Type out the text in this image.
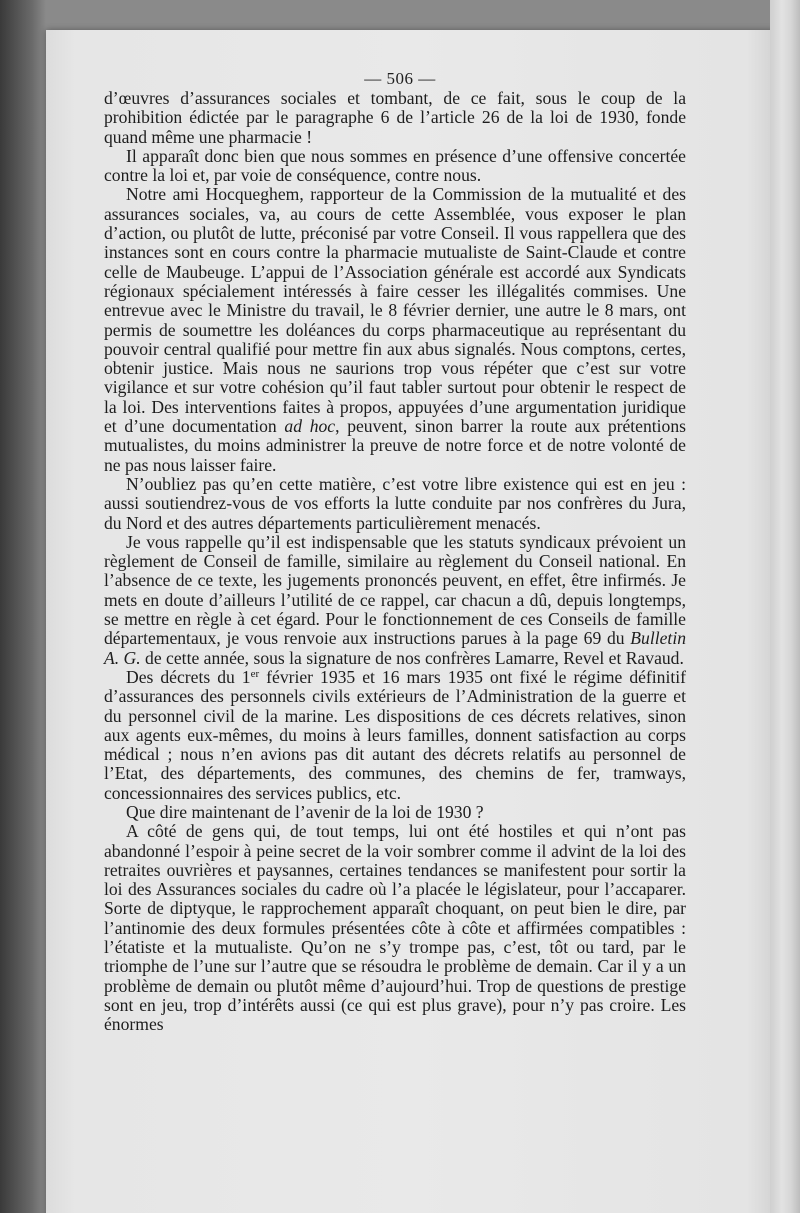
— 506 —

d’œuvres d’assurances sociales et tombant, de ce fait, sous le coup de la prohibition édictée par le paragraphe 6 de l’article 26 de la loi de 1930, fonde quand même une pharmacie !

Il apparaît donc bien que nous sommes en présence d’une offensive concertée contre la loi et, par voie de conséquence, contre nous.

Notre ami Hocqueghem, rapporteur de la Commission de la mutualité et des assurances sociales, va, au cours de cette Assemblée, vous exposer le plan d’action, ou plutôt de lutte, préconisé par votre Conseil. Il vous rappellera que des instances sont en cours contre la pharmacie mutualiste de Saint-Claude et contre celle de Maubeuge. L’appui de l’Association générale est accordé aux Syndicats régionaux spécialement intéressés à faire cesser les illégalités commises. Une entrevue avec le Ministre du travail, le 8 février dernier, une autre le 8 mars, ont permis de soumettre les doléances du corps pharmaceutique au représentant du pouvoir central qualifié pour mettre fin aux abus signalés. Nous comptons, certes, obtenir justice. Mais nous ne saurions trop vous répéter que c’est sur votre vigilance et sur votre cohésion qu’il faut tabler surtout pour obtenir le respect de la loi. Des interventions faites à propos, appuyées d’une argumentation juridique et d’une documentation ad hoc, peuvent, sinon barrer la route aux prétentions mutualistes, du moins administrer la preuve de notre force et de notre volonté de ne pas nous laisser faire.

N’oubliez pas qu’en cette matière, c’est votre libre existence qui est en jeu : aussi soutiendrez-vous de vos efforts la lutte conduite par nos confrères du Jura, du Nord et des autres départements particulièrement menacés.

Je vous rappelle qu’il est indispensable que les statuts syndicaux prévoient un règlement de Conseil de famille, similaire au règlement du Conseil national. En l’absence de ce texte, les jugements prononcés peuvent, en effet, être infirmés. Je mets en doute d’ailleurs l’utilité de ce rappel, car chacun a dû, depuis longtemps, se mettre en règle à cet égard. Pour le fonctionnement de ces Conseils de famille départementaux, je vous renvoie aux instructions parues à la page 69 du Bulletin A. G. de cette année, sous la signature de nos confrères Lamarre, Revel et Ravaud.

Des décrets du 1er février 1935 et 16 mars 1935 ont fixé le régime définitif d’assurances des personnels civils extérieurs de l’Administration de la guerre et du personnel civil de la marine. Les dispositions de ces décrets relatives, sinon aux agents eux-mêmes, du moins à leurs familles, donnent satisfaction au corps médical ; nous n’en avions pas dit autant des décrets relatifs au personnel de l’Etat, des départements, des communes, des chemins de fer, tramways, concessionnaires des services publics, etc.

Que dire maintenant de l’avenir de la loi de 1930 ?

A côté de gens qui, de tout temps, lui ont été hostiles et qui n’ont pas abandonné l’espoir à peine secret de la voir sombrer comme il advint de la loi des retraites ouvrières et paysannes, certaines tendances se manifestent pour sortir la loi des Assurances sociales du cadre où l’a placée le législateur, pour l’accaparer. Sorte de diptyque, le rapprochement apparaît choquant, on peut bien le dire, par l’antinomie des deux formules présentées côte à côte et affirmées compatibles : l’étatiste et la mutualiste. Qu’on ne s’y trompe pas, c’est, tôt ou tard, par le triomphe de l’une sur l’autre que se résoudra le problème de demain. Car il y a un problème de demain ou plutôt même d’aujourd’hui. Trop de questions de prestige sont en jeu, trop d’intérêts aussi (ce qui est plus grave), pour n’y pas croire. Les énormes
